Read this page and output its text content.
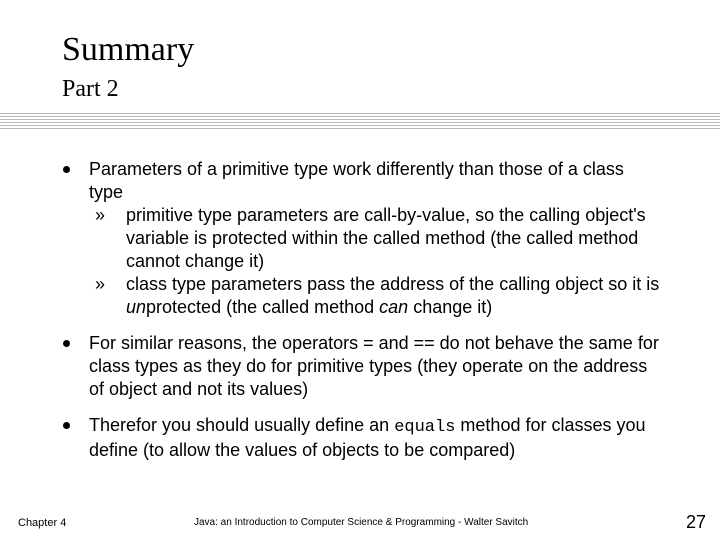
Summary
Part 2
Parameters of a primitive type work differently than those of a class type
» primitive type parameters are call-by-value, so the calling object's variable is protected within the called method (the called method cannot change it)
» class type parameters pass the address of the calling object so it is unprotected (the called method can change it)
For similar reasons, the operators = and == do not behave the same for class types as they do for primitive types (they operate on the address of object and not its values)
Therefor you should usually define an equals method for classes you define (to allow the values of objects to be compared)
Chapter 4	Java: an Introduction to Computer Science & Programming - Walter Savitch	27
